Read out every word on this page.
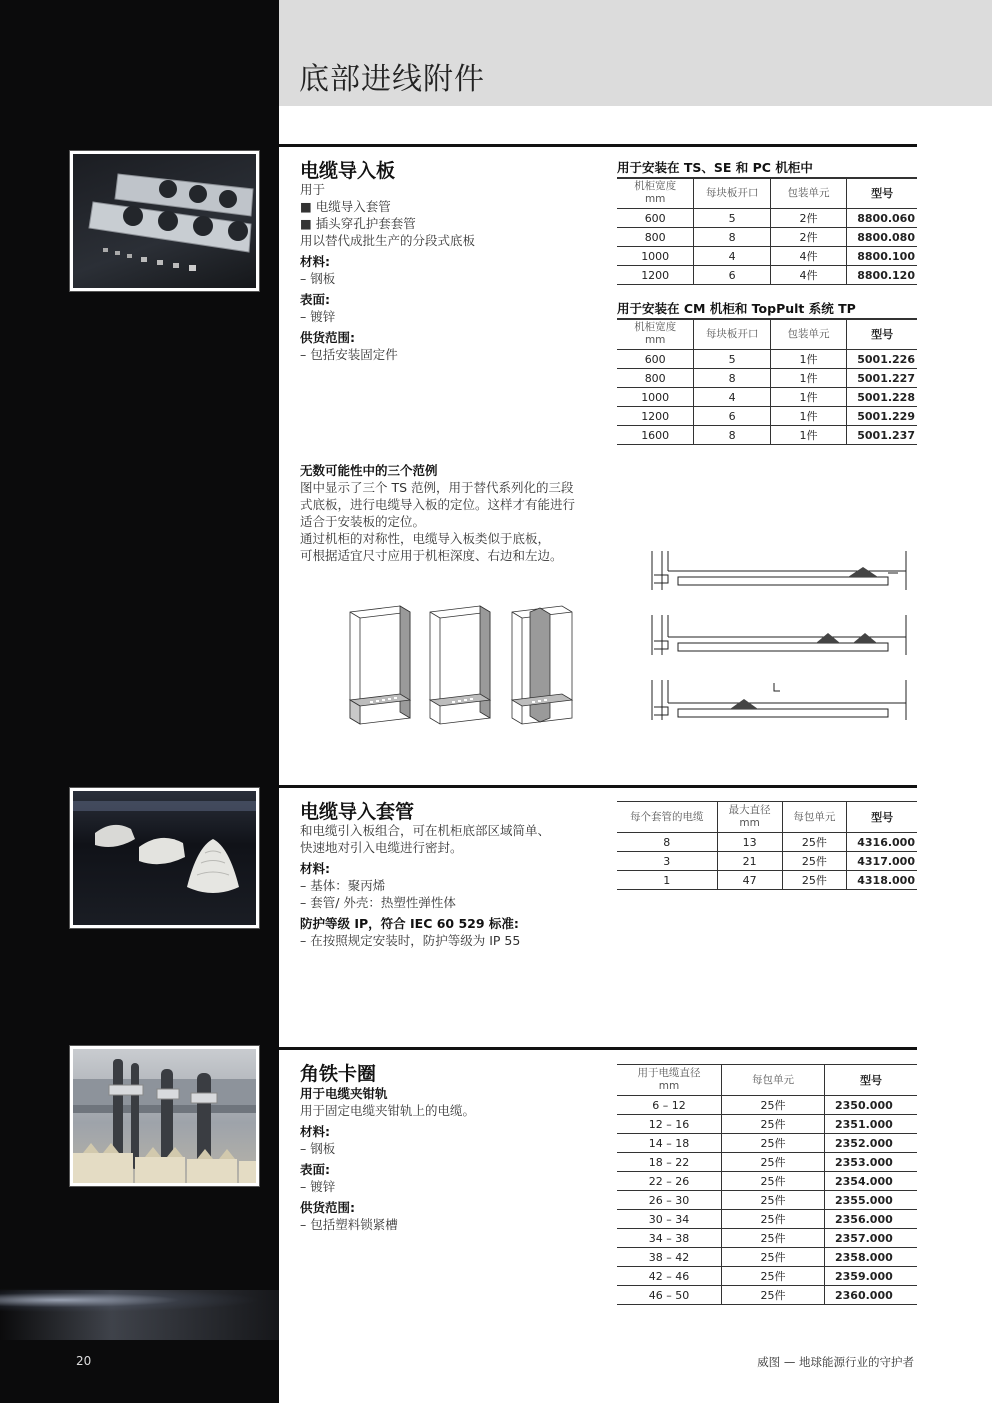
20
底部进线附件
电缆导入板
用于
■ 电缆导入套管
■ 插头穿孔护套套管
用以替代成批生产的分段式底板
材料:
– 钢板
表面:
– 镀锌
供货范围:
– 包括安装固定件
用于安装在 TS、SE 和 PC 机柜中
机柜宽度
mm	每块板开口	包装单元	型号
600	5	2件	8800.060
800	8	2件	8800.080
1000	4	4件	8800.100
1200	6	4件	8800.120
用于安装在 CM 机柜和 TopPult 系统 TP
机柜宽度
mm	每块板开口	包装单元	型号
600	5	1件	5001.226
800	8	1件	5001.227
1000	4	1件	5001.228
1200	6	1件	5001.229
1600	8	1件	5001.237
无数可能性中的三个范例
图中显示了三个 TS 范例，用于替代系列化的三段
式底板，进行电缆导入板的定位。这样才有能进行
适合于安装板的定位。
通过机柜的对称性，电缆导入板类似于底板，
可根据适宜尺寸应用于机柜深度、右边和左边。
电缆导入套管
和电缆引入板组合，可在机柜底部区域简单、
快速地对引入电缆进行密封。
材料:
– 基体：聚丙烯
– 套管/ 外壳：热塑性弹性体
防护等级 IP，符合 IEC 60 529 标准:
– 在按照规定安装时，防护等级为 IP 55
每个套管的电缆	最大直径
mm	每包单元	型号
8	13	25件	4316.000
3	21	25件	4317.000
1	47	25件	4318.000
角铁卡圈
用于电缆夹钳轨
用于固定电缆夹钳轨上的电缆。
材料:
– 钢板
表面:
– 镀锌
供货范围:
– 包括塑料锁紧槽
用于电缆直径
mm	每包单元	型号
6 – 12	25件	2350.000
12 – 16	25件	2351.000
14 – 18	25件	2352.000
18 – 22	25件	2353.000
22 – 26	25件	2354.000
26 – 30	25件	2355.000
30 – 34	25件	2356.000
34 – 38	25件	2357.000
38 – 42	25件	2358.000
42 – 46	25件	2359.000
46 – 50	25件	2360.000
威图 — 地球能源行业的守护者
